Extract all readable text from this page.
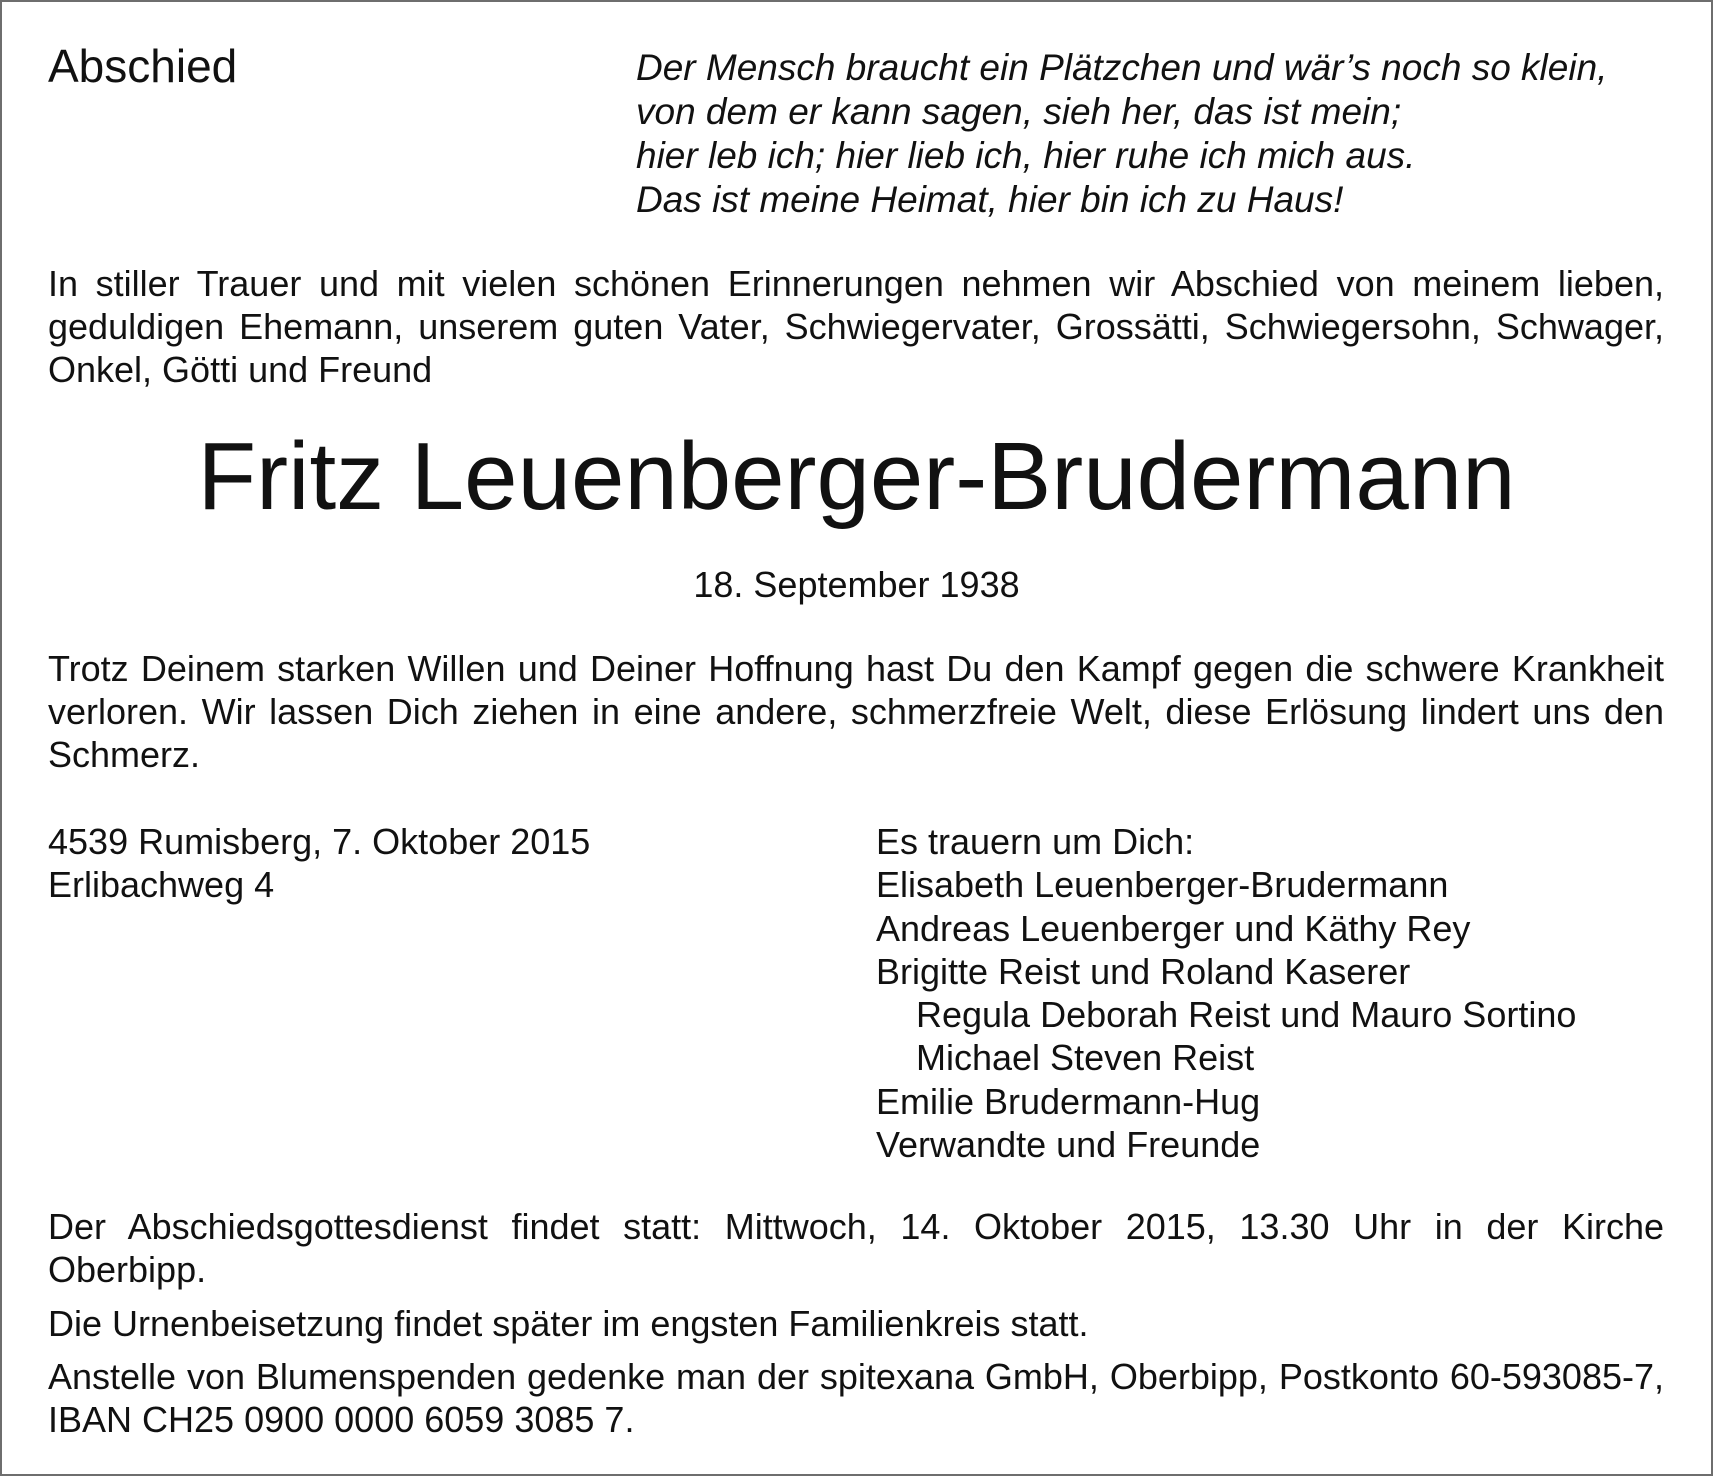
Abschied	Der Mensch braucht ein Plätzchen und wär’s noch so klein,
von dem er kann sagen, sieh her, das ist mein;
hier leb ich; hier lieb ich, hier ruhe ich mich aus.
Das ist meine Heimat, hier bin ich zu Haus!
In stiller Trauer und mit vielen schönen Erinnerungen nehmen wir Abschied von meinem lieben, geduldigen Ehemann, unserem guten Vater, Schwiegervater, Grossätti, Schwiegersohn, Schwager, Onkel, Götti und Freund
Fritz Leuenberger-Brudermann
18. September 1938
Trotz Deinem starken Willen und Deiner Hoffnung hast Du den Kampf gegen die schwere Krankheit verloren. Wir lassen Dich ziehen in eine andere, schmerzfreie Welt, diese Erlösung lindert uns den Schmerz.
4539 Rumisberg, 7. Oktober 2015
Erlibachweg 4
Es trauern um Dich:
Elisabeth Leuenberger-Brudermann
Andreas Leuenberger und Käthy Rey
Brigitte Reist und Roland Kaserer
Regula Deborah Reist und Mauro Sortino
Michael Steven Reist
Emilie Brudermann-Hug
Verwandte und Freunde
Der Abschiedsgottesdienst findet statt: Mittwoch, 14. Oktober 2015, 13.30 Uhr in der Kirche Oberbipp.
Die Urnenbeisetzung findet später im engsten Familienkreis statt.
Anstelle von Blumenspenden gedenke man der spitexana GmbH, Oberbipp, Postkonto 60-593085-7, IBAN CH25 0900 0000 6059 3085 7.
